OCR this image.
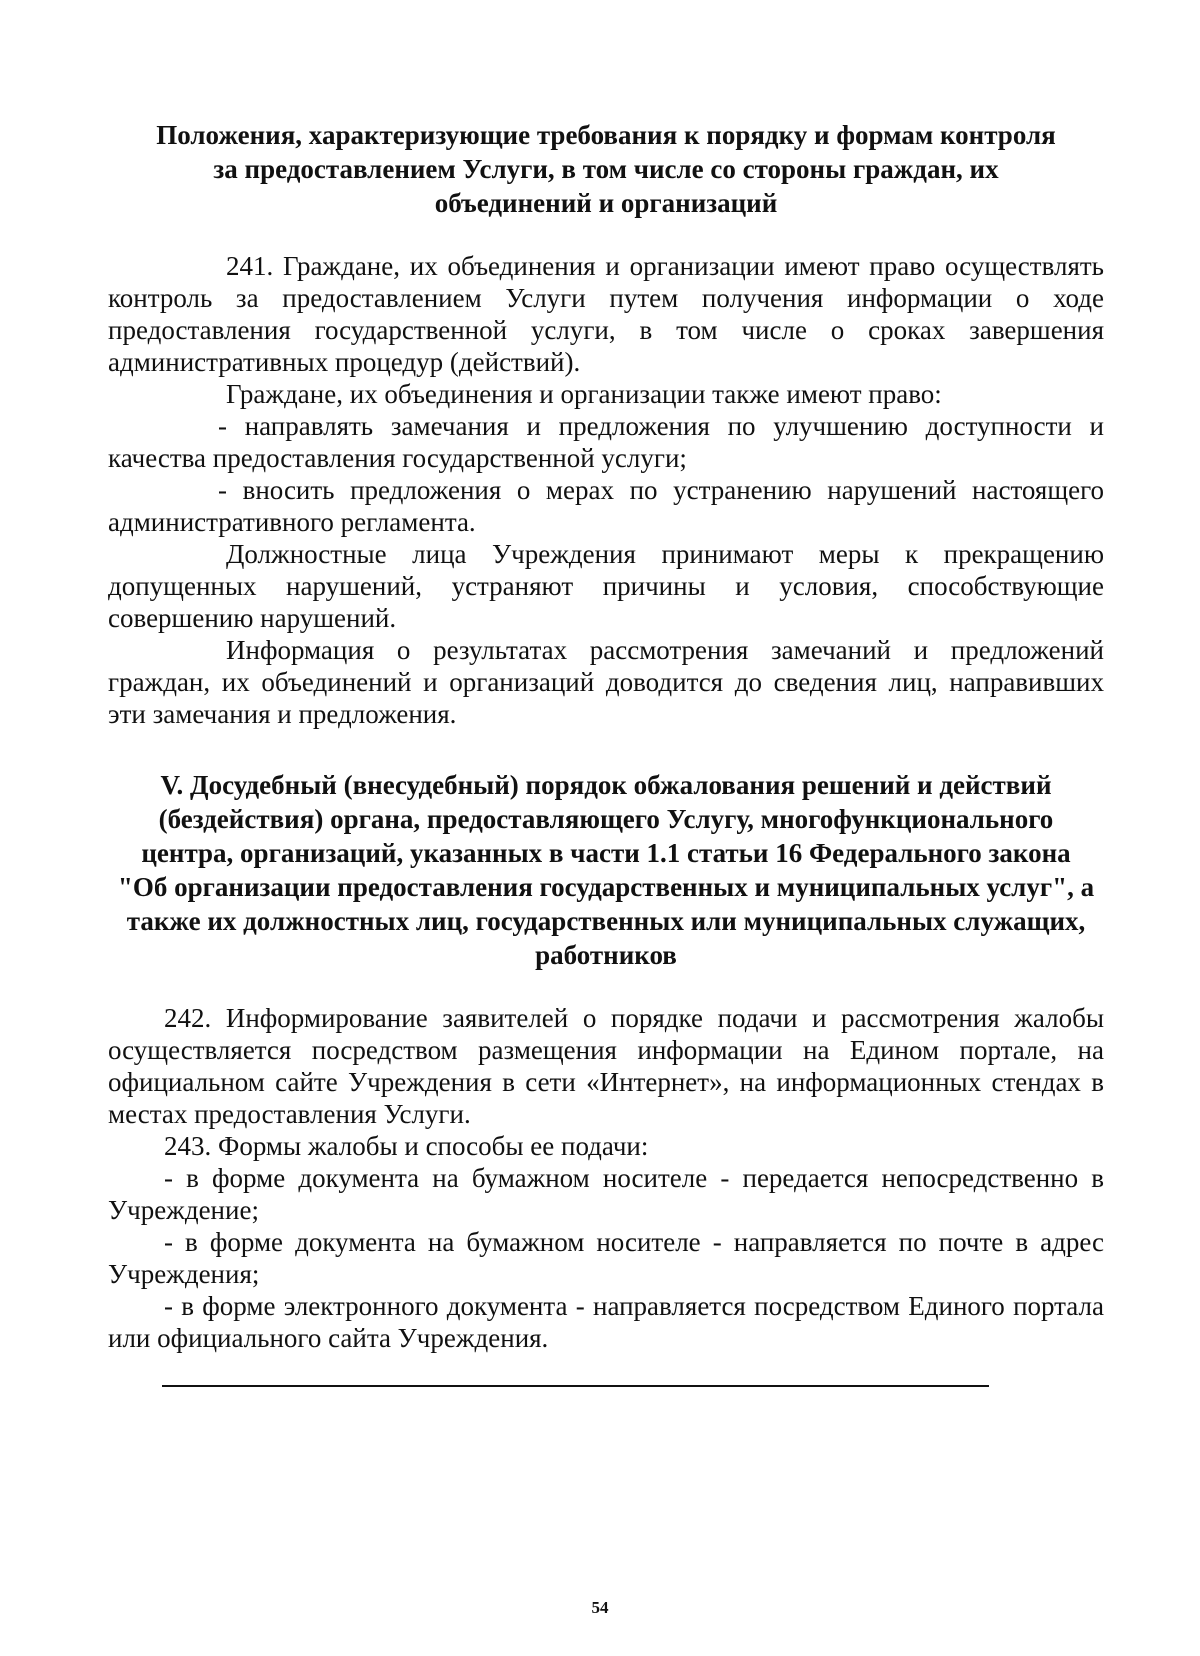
Положения, характеризующие требования к порядку и формам контроля за предоставлением Услуги, в том числе со стороны граждан, их объединений и организаций

241. Граждане, их объединения и организации имеют право осуществлять контроль за предоставлением Услуги путем получения информации о ходе предоставления государственной услуги, в том числе о сроках завершения административных процедур (действий).

Граждане, их объединения и организации также имеют право:

- направлять замечания и предложения по улучшению доступности и качества предоставления государственной услуги;

- вносить предложения о мерах по устранению нарушений настоящего административного регламента.

Должностные лица Учреждения принимают меры к прекращению допущенных нарушений, устраняют причины и условия, способствующие совершению нарушений.

Информация о результатах рассмотрения замечаний и предложений граждан, их объединений и организаций доводится до сведения лиц, направивших эти замечания и предложения.

V. Досудебный (внесудебный) порядок обжалования решений и действий (бездействия) органа, предоставляющего Услугу, многофункционального центра, организаций, указанных в части 1.1 статьи 16 Федерального закона "Об организации предоставления государственных и муниципальных услуг", а также их должностных лиц, государственных или муниципальных служащих, работников

242. Информирование заявителей о порядке подачи и рассмотрения жалобы осуществляется посредством размещения информации на Едином портале, на официальном сайте Учреждения в сети «Интернет», на информационных стендах в местах предоставления Услуги.

243. Формы жалобы и способы ее подачи:

- в форме документа на бумажном носителе - передается непосредственно в Учреждение;

- в форме документа на бумажном носителе - направляется по почте в адрес Учреждения;

- в форме электронного документа - направляется посредством Единого портала или официального сайта Учреждения.

54
